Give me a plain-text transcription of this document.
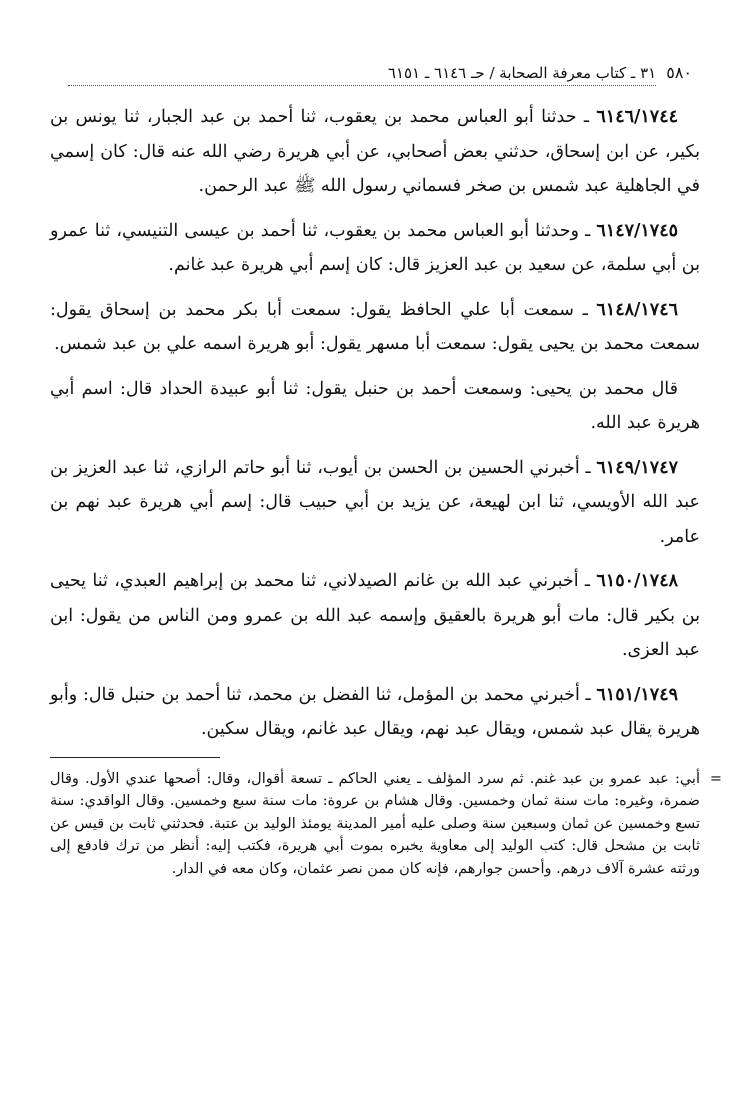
٥٨٠
٣١ ـ كتاب معرفة الصحابة / حـ ٦١٤٦ ـ ٦١٥١

٦١٤٦/١٧٤٤ ـ حدثنا أبو العباس محمد بن يعقوب، ثنا أحمد بن عبد الجبار، ثنا يونس بن بكير، عن ابن إسحاق، حدثني بعض أصحابي، عن أبي هريرة رضي الله عنه قال: كان إسمي في الجاهلية عبد شمس بن صخر فسماني رسول الله ﷺ عبد الرحمن.

٦١٤٧/١٧٤٥ ـ وحدثنا أبو العباس محمد بن يعقوب، ثنا أحمد بن عيسى التنيسي، ثنا عمرو بن أبي سلمة، عن سعيد بن عبد العزيز قال: كان إسم أبي هريرة عبد غانم.

٦١٤٨/١٧٤٦ ـ سمعت أبا علي الحافظ يقول: سمعت أبا بكر محمد بن إسحاق يقول: سمعت محمد بن يحيى يقول: سمعت أبا مسهر يقول: أبو هريرة اسمه علي بن عبد شمس.

قال محمد بن يحيى: وسمعت أحمد بن حنبل يقول: ثنا أبو عبيدة الحداد قال: اسم أبي هريرة عبد الله.

٦١٤٩/١٧٤٧ ـ أخبرني الحسين بن الحسن بن أيوب، ثنا أبو حاتم الرازي، ثنا عبد العزيز بن عبد الله الأويسي، ثنا ابن لهيعة، عن يزيد بن أبي حبيب قال: إسم أبي هريرة عبد نهم بن عامر.

٦١٥٠/١٧٤٨ ـ أخبرني عبد الله بن غانم الصيدلاني، ثنا محمد بن إبراهيم العبدي، ثنا يحيى بن بكير قال: مات أبو هريرة بالعقيق وإسمه عبد الله بن عمرو ومن الناس من يقول: ابن عبد العزى.

٦١٥١/١٧٤٩ ـ أخبرني محمد بن المؤمل، ثنا الفضل بن محمد، ثنا أحمد بن حنبل قال: وأبو هريرة يقال عبد شمس، ويقال عبد نهم، ويقال عبد غانم، ويقال سكين.

=
أبي: عبد عمرو بن عبد غنم. ثم سرد المؤلف ـ يعني الحاكم ـ تسعة أقوال، وقال: أصحها عندي الأول. وقال ضمرة، وغيره: مات سنة ثمان وخمسين. وقال هشام بن عروة: مات سنة سبع وخمسين. وقال الواقدي: سنة تسع وخمسين عن ثمان وسبعين سنة وصلى عليه أمير المدينة يومئذ الوليد بن عتبة. فحدثني ثابت بن قيس عن ثابت بن مشحل قال: كتب الوليد إلى معاوية يخبره بموت أبي هريرة، فكتب إليه: أنظر من ترك فادفع إلى ورثته عشرة آلاف درهم. وأحسن جوارهم، فإنه كان ممن نصر عثمان، وكان معه في الدار.
